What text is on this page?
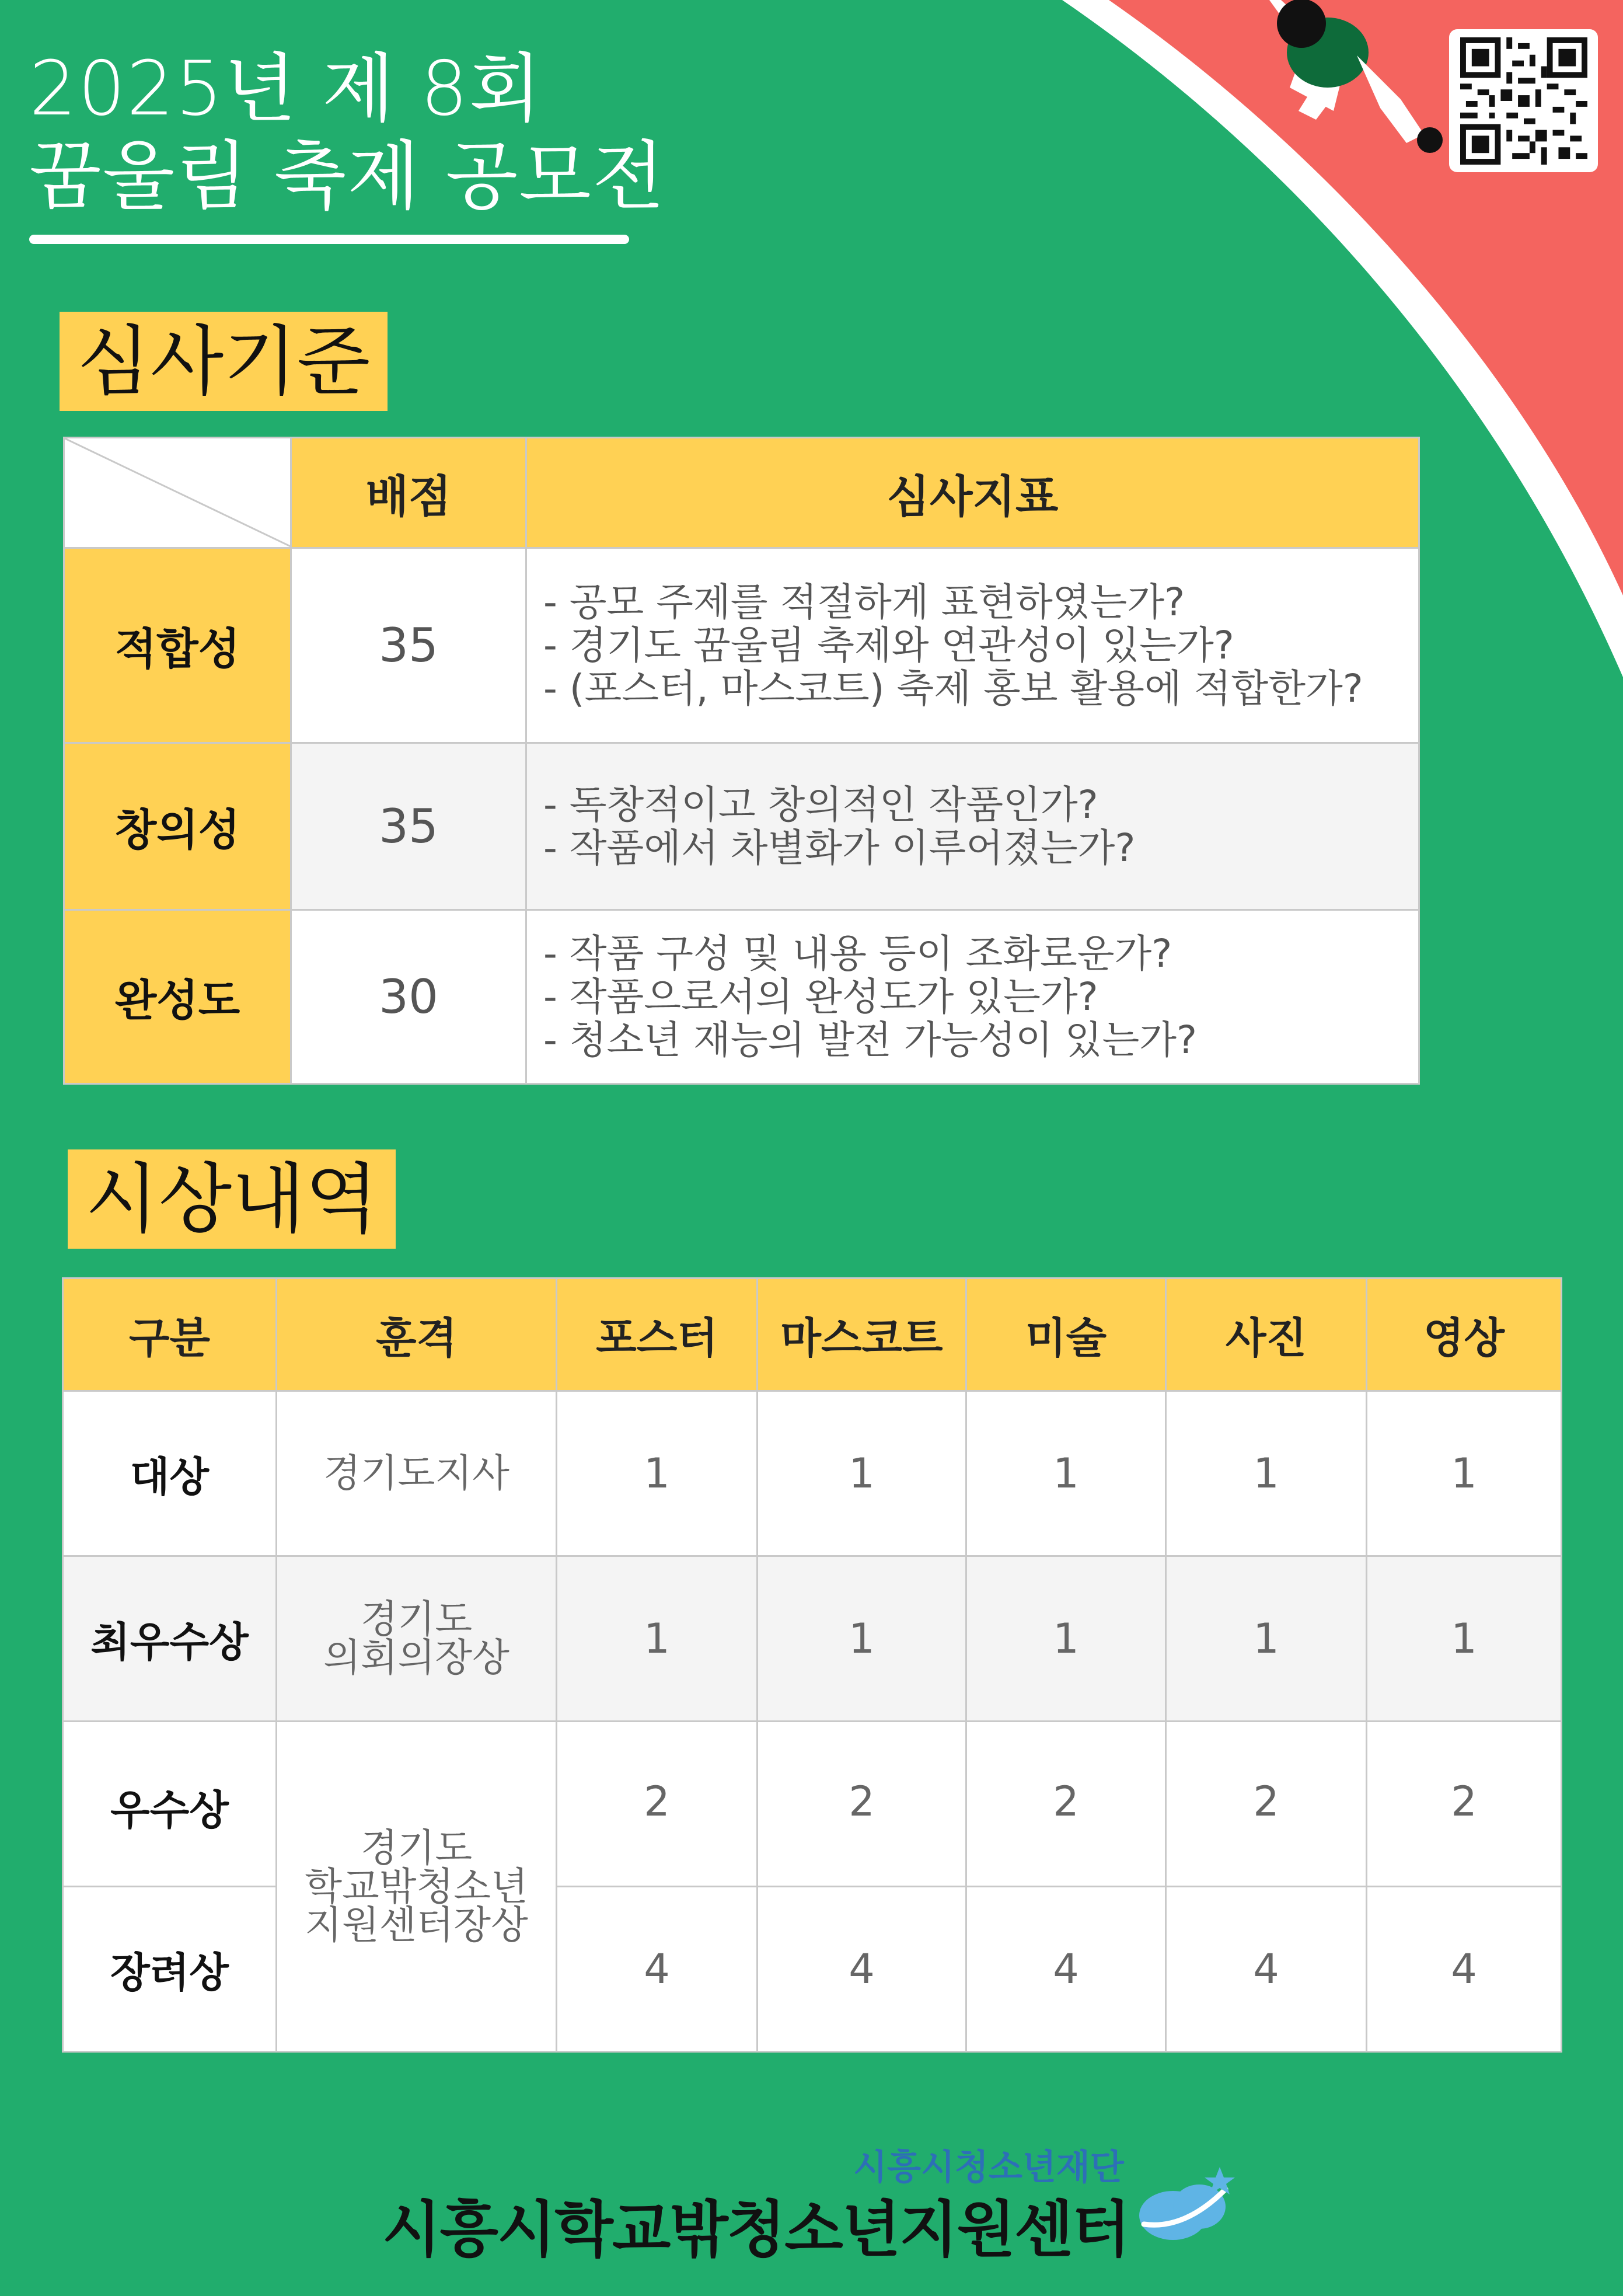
2025년 제 8회
꿈울림 축제 공모전
심사기준
	배점	심사지표
적합성	35	- 공모 주제를 적절하게 표현하였는가?
- 경기도 꿈울림 축제와 연관성이 있는가?
- (포스터, 마스코트) 축제 홍보 활용에 적합한가?

창의성	35	- 독창적이고 창의적인 작품인가?
- 작품에서 차별화가 이루어졌는가?

완성도	30	- 작품 구성 및 내용 등이 조화로운가?
- 작품으로서의 완성도가 있는가?
- 청소년 재능의 발전 가능성이 있는가?
시상내역
구분	훈격	포스터	마스코트	미술	사진	영상
대상	경기도지사	1	1	1	1	1
최우수상	경기도
의회의장상	1	1	1	1	1
우수상	경기도
학교밖청소년
지원센터장상	2	2	2	2	2
장려상		4	4	4	4	4
시흥시청소년재단
시흥시학교밖청소년지원센터
